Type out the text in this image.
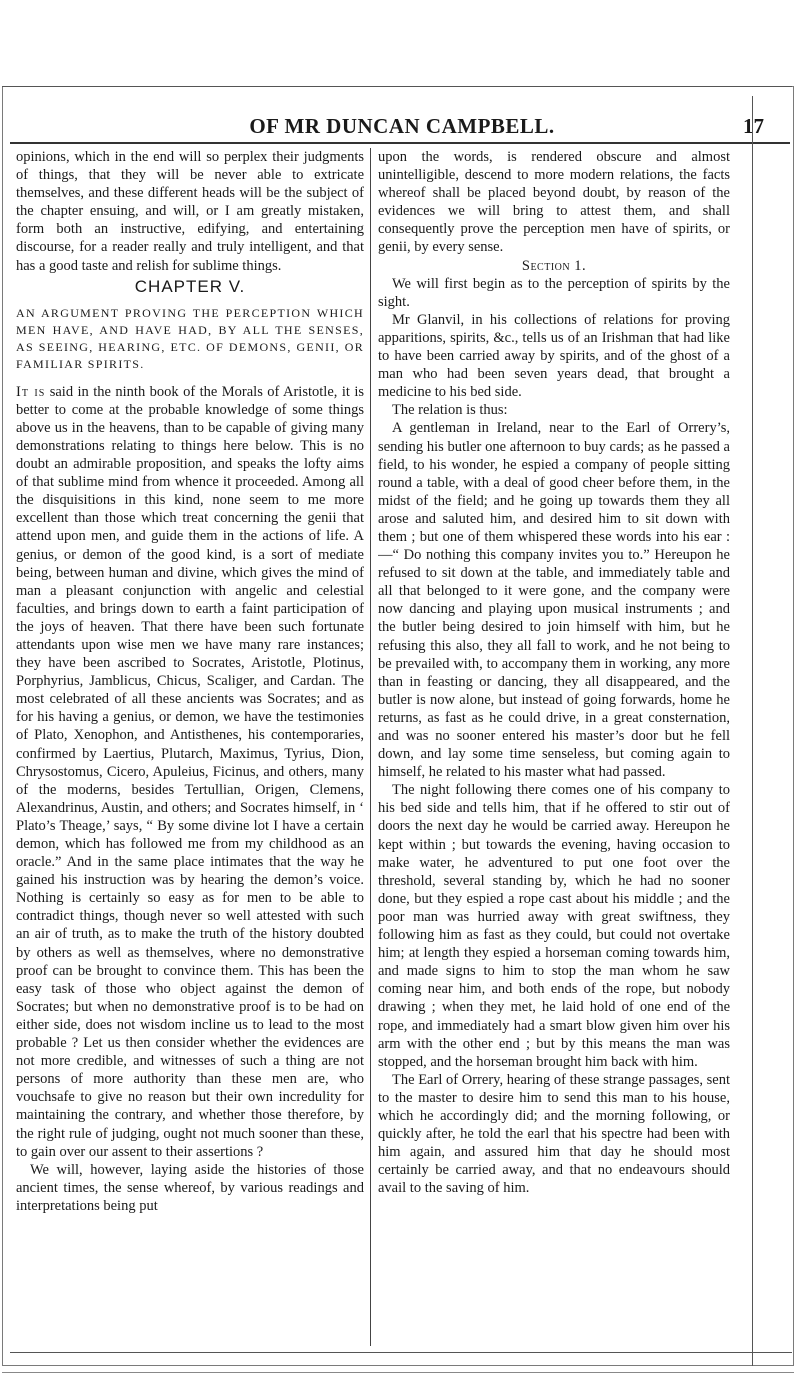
OF MR DUNCAN CAMPBELL.	17

opinions, which in the end will so perplex their judgments of things, that they will be never able to extricate themselves, and these different heads will be the subject of the chapter ensuing, and will, or I am greatly mistaken, form both an instructive, edifying, and entertaining discourse, for a reader really and truly intelligent, and that has a good taste and relish for sublime things.

CHAPTER V.
AN ARGUMENT PROVING THE PERCEPTION WHICH MEN HAVE, AND HAVE HAD, BY ALL THE SENSES, AS SEEING, HEARING, ETC. OF DEMONS, GENII, OR FAMILIAR SPIRITS.

It is said in the ninth book of the Morals of Aristotle, it is better to come at the probable knowledge of some things above us in the heavens, than to be capable of giving many demonstrations relating to things here below. This is no doubt an admirable proposition, and speaks the lofty aims of that sublime mind from whence it proceeded. Among all the disquisitions in this kind, none seem to me more excellent than those which treat concerning the genii that attend upon men, and guide them in the actions of life. A genius, or demon of the good kind, is a sort of mediate being, between human and divine, which gives the mind of man a pleasant conjunction with angelic and celestial faculties, and brings down to earth a faint participation of the joys of heaven. That there have been such fortunate attendants upon wise men we have many rare instances; they have been ascribed to Socrates, Aristotle, Plotinus, Porphyrius, Jamblicus, Chicus, Scaliger, and Cardan. The most celebrated of all these ancients was Socrates; and as for his having a genius, or demon, we have the testimonies of Plato, Xenophon, and Antisthenes, his contemporaries, confirmed by Laertius, Plutarch, Maximus, Tyrius, Dion, Chrysostomus, Cicero, Apuleius, Ficinus, and others, many of the moderns, besides Tertullian, Origen, Clemens, Alexandrinus, Austin, and others; and Socrates himself, in ‘ Plato’s Theage,’ says, “ By some divine lot I have a certain demon, which has followed me from my childhood as an oracle.” And in the same place intimates that the way he gained his instruction was by hearing the demon’s voice. Nothing is certainly so easy as for men to be able to contradict things, though never so well attested with such an air of truth, as to make the truth of the history doubted by others as well as themselves, where no demonstrative proof can be brought to convince them. This has been the easy task of those who object against the demon of Socrates; but when no demonstrative proof is to be had on either side, does not wisdom incline us to lead to the most probable ? Let us then consider whether the evidences are not more credible, and witnesses of such a thing are not persons of more authority than these men are, who vouchsafe to give no reason but their own incredulity for maintaining the contrary, and whether those therefore, by the right rule of judging, ought not much sooner than these, to gain over our assent to their assertions ?

We will, however, laying aside the histories of those ancient times, the sense whereof, by various readings and interpretations being put

upon the words, is rendered obscure and almost unintelligible, descend to more modern relations, the facts whereof shall be placed beyond doubt, by reason of the evidences we will bring to attest them, and shall consequently prove the perception men have of spirits, or genii, by every sense.

Section 1.

We will first begin as to the perception of spirits by the sight.

Mr Glanvil, in his collections of relations for proving apparitions, spirits, &c., tells us of an Irishman that had like to have been carried away by spirits, and of the ghost of a man who had been seven years dead, that brought a medicine to his bed side.

The relation is thus:

A gentleman in Ireland, near to the Earl of Orrery’s, sending his butler one afternoon to buy cards; as he passed a field, to his wonder, he espied a company of people sitting round a table, with a deal of good cheer before them, in the midst of the field; and he going up towards them they all arose and saluted him, and desired him to sit down with them ; but one of them whispered these words into his ear :—“ Do nothing this company invites you to.” Hereupon he refused to sit down at the table, and immediately table and all that belonged to it were gone, and the company were now dancing and playing upon musical instruments ; and the butler being desired to join himself with him, but he refusing this also, they all fall to work, and he not being to be prevailed with, to accompany them in working, any more than in feasting or dancing, they all disappeared, and the butler is now alone, but instead of going forwards, home he returns, as fast as he could drive, in a great consternation, and was no sooner entered his master’s door but he fell down, and lay some time senseless, but coming again to himself, he related to his master what had passed.

The night following there comes one of his company to his bed side and tells him, that if he offered to stir out of doors the next day he would be carried away. Hereupon he kept within ; but towards the evening, having occasion to make water, he adventured to put one foot over the threshold, several standing by, which he had no sooner done, but they espied a rope cast about his middle ; and the poor man was hurried away with great swiftness, they following him as fast as they could, but could not overtake him; at length they espied a horseman coming towards him, and made signs to him to stop the man whom he saw coming near him, and both ends of the rope, but nobody drawing ; when they met, he laid hold of one end of the rope, and immediately had a smart blow given him over his arm with the other end ; but by this means the man was stopped, and the horseman brought him back with him.

The Earl of Orrery, hearing of these strange passages, sent to the master to desire him to send this man to his house, which he accordingly did; and the morning following, or quickly after, he told the earl that his spectre had been with him again, and assured him that day he should most certainly be carried away, and that no endeavours should avail to the saving of him.
